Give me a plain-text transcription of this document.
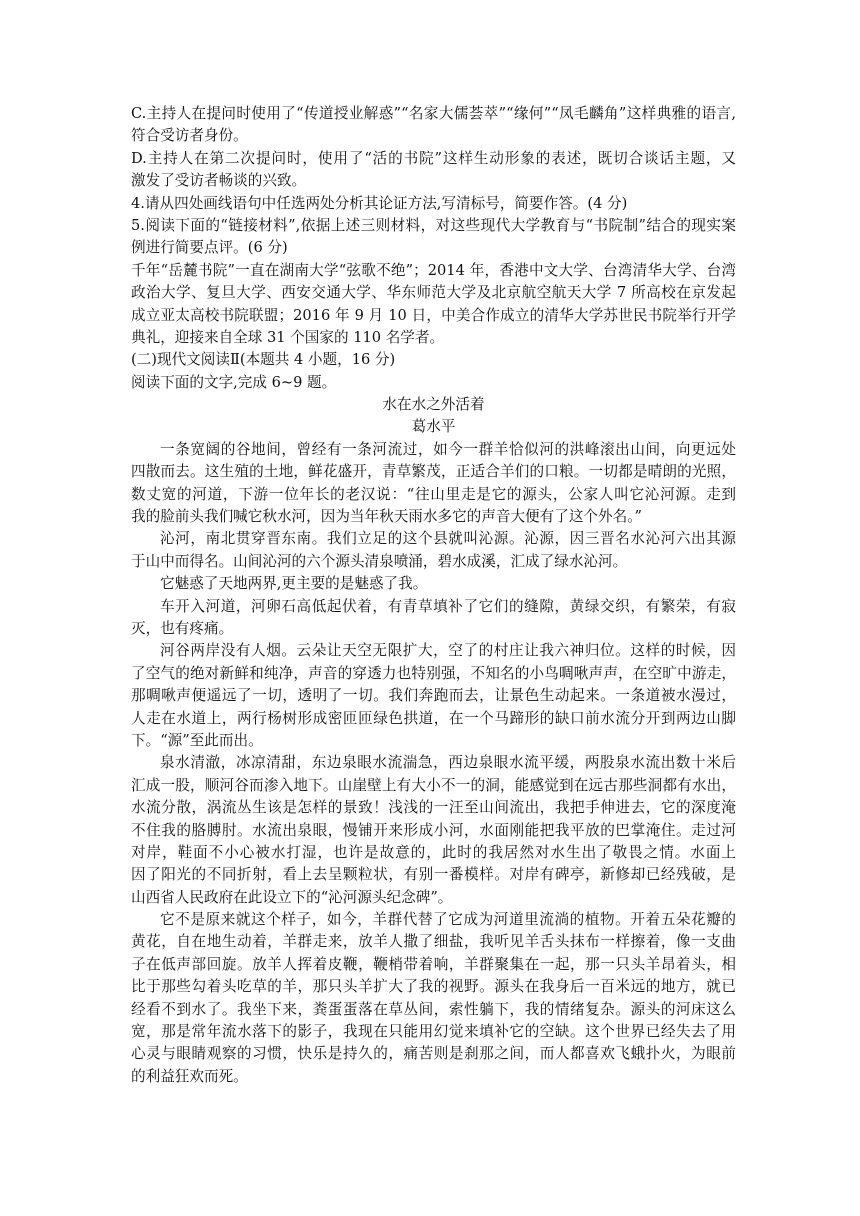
C.主持人在提问时使用了“传道授业解惑”“名家大儒荟萃”“缘何”“凤毛麟角”这样典雅的语言,
符合受访者身份。
D.主持人在第二次提问时，使用了“活的书院”这样生动形象的表述，既切合谈话主题，又
激发了受访者畅谈的兴致。
4.请从四处画线语句中任选两处分析其论证方法,写清标号，简要作答。(4 分)
5.阅读下面的“链接材料”,依据上述三则材料，对这些现代大学教育与“书院制”结合的现实案
例进行简要点评。(6 分)
千年“岳麓书院”一直在湖南大学“弦歌不绝”；2014 年，香港中文大学、台湾清华大学、台湾
政治大学、复旦大学、西安交通大学、华东师范大学及北京航空航天大学 7 所高校在京发起
成立亚太高校书院联盟；2016 年 9 月 10 日，中美合作成立的清华大学苏世民书院举行开学
典礼，迎接来自全球 31 个国家的 110 名学者。
(二)现代文阅读Ⅱ(本题共 4 小题，16 分)
阅读下面的文字,完成 6~9 题。
水在水之外活着
葛水平
一条宽阔的谷地间，曾经有一条河流过，如今一群羊恰似河的洪峰滚出山间，向更远处
四散而去。这生殖的土地，鲜花盛开，青草繁茂，正适合羊们的口粮。一切都是晴朗的光照，
数丈宽的河道，下游一位年长的老汉说：“往山里走是它的源头，公家人叫它沁河源。走到
我的脸前头我们喊它秋水河，因为当年秋天雨水多它的声音大便有了这个外名。”
沁河，南北贯穿晋东南。我们立足的这个县就叫沁源。沁源，因三晋名水沁河六出其源
于山中而得名。山间沁河的六个源头清泉喷涌，碧水成溪，汇成了绿水沁河。
它魅惑了天地两界,更主要的是魅惑了我。
车开入河道，河卵石高低起伏着，有青草填补了它们的缝隙，黄绿交织，有繁荣，有寂
灭，也有疼痛。
河谷两岸没有人烟。云朵让天空无限扩大，空了的村庄让我六神归位。这样的时候，因
了空气的绝对新鲜和纯净，声音的穿透力也特别强，不知名的小鸟啁啾声声，在空旷中游走，
那啁啾声便遥远了一切，透明了一切。我们奔跑而去，让景色生动起来。一条道被水漫过，
人走在水道上，两行杨树形成密匝匝绿色拱道，在一个马蹄形的缺口前水流分开到两边山脚
下。“源”至此而出。
泉水清澈，冰凉清甜，东边泉眼水流湍急，西边泉眼水流平缓，两股泉水流出数十米后
汇成一股，顺河谷而渗入地下。山崖壁上有大小不一的洞，能感觉到在远古那些洞都有水出，
水流分散，涡流丛生该是怎样的景致！浅浅的一汪至山间流出，我把手伸进去，它的深度淹
不住我的胳膊肘。水流出泉眼，慢铺开来形成小河，水面刚能把我平放的巴掌淹住。走过河
对岸，鞋面不小心被水打湿，也许是故意的，此时的我居然对水生出了敬畏之情。水面上
因了阳光的不同折射，看上去呈颗粒状，有别一番模样。对岸有碑亭，新修却已经残破，是
山西省人民政府在此设立下的“沁河源头纪念碑”。
它不是原来就这个样子，如今，羊群代替了它成为河道里流淌的植物。开着五朵花瓣的
黄花，自在地生动着，羊群走来，放羊人撒了细盐，我听见羊舌头抹布一样擦着，像一支曲
子在低声部回旋。放羊人挥着皮鞭，鞭梢带着响，羊群聚集在一起，那一只头羊昂着头，相
比于那些勾着头吃草的羊，那只头羊扩大了我的视野。源头在我身后一百米远的地方，就已
经看不到水了。我坐下来，粪蛋蛋落在草丛间，索性躺下，我的情绪复杂。源头的河床这么
宽，那是常年流水落下的影子，我现在只能用幻觉来填补它的空缺。这个世界已经失去了用
心灵与眼睛观察的习惯，快乐是持久的，痛苦则是刹那之间，而人都喜欢飞蛾扑火，为眼前
的利益狂欢而死。
